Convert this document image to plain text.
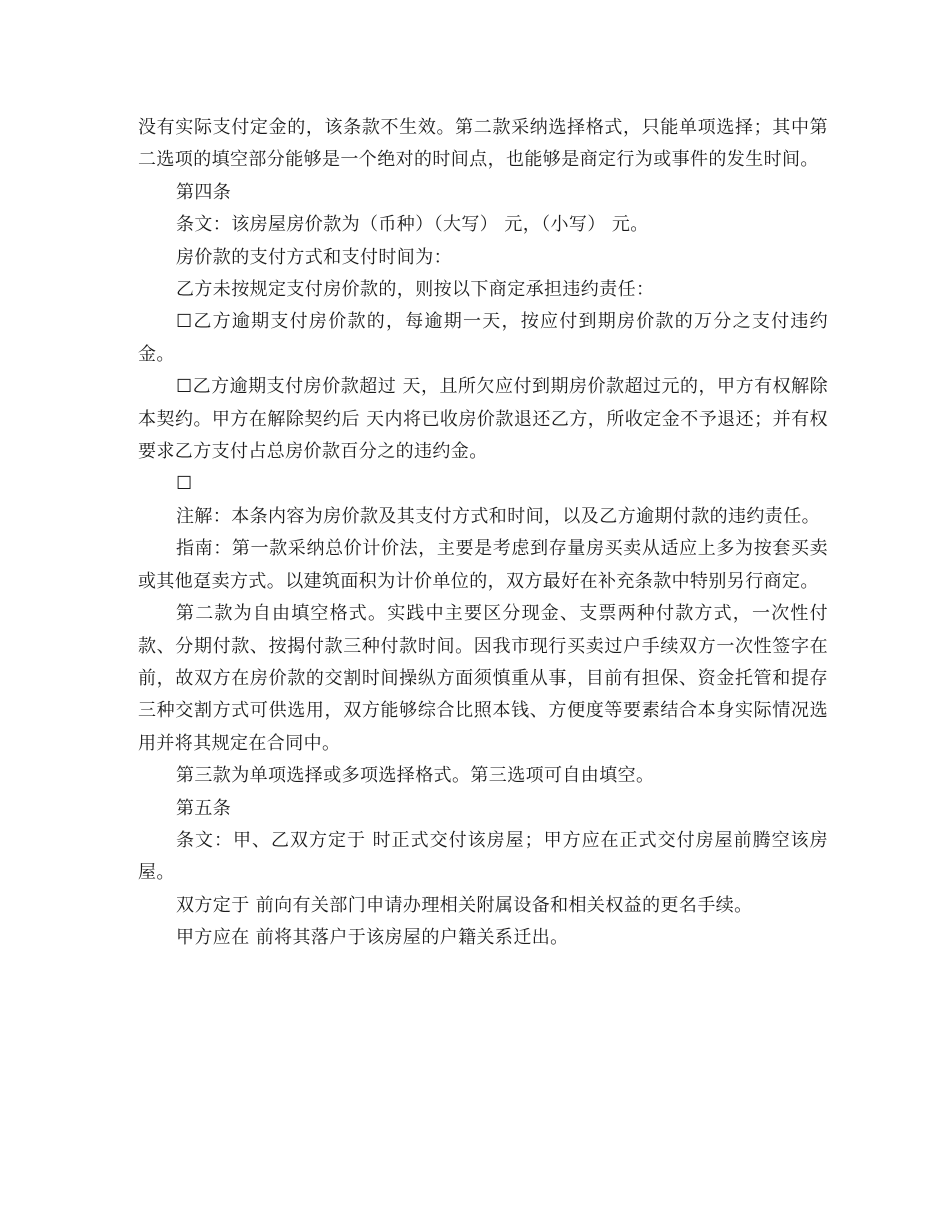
没有实际支付定金的，该条款不生效。第二款采纳选择格式，只能单项选择；其中第二选项的填空部分能够是一个绝对的时间点，也能够是商定行为或事件的发生时间。

第四条

条文：该房屋房价款为（币种）（大写） 元，（小写） 元。

房价款的支付方式和支付时间为：

乙方未按规定支付房价款的，则按以下商定承担违约责任：

☐乙方逾期支付房价款的，每逾期一天，按应付到期房价款的万分之支付违约金。

☐乙方逾期支付房价款超过 天，且所欠应付到期房价款超过元的，甲方有权解除本契约。甲方在解除契约后 天内将已收房价款退还乙方，所收定金不予退还；并有权要求乙方支付占总房价款百分之的违约金。

☐

注解：本条内容为房价款及其支付方式和时间，以及乙方逾期付款的违约责任。

指南：第一款采纳总价计价法，主要是考虑到存量房买卖从适应上多为按套买卖或其他趸卖方式。以建筑面积为计价单位的，双方最好在补充条款中特别另行商定。

第二款为自由填空格式。实践中主要区分现金、支票两种付款方式，一次性付款、分期付款、按揭付款三种付款时间。因我市现行买卖过户手续双方一次性签字在前，故双方在房价款的交割时间操纵方面须慎重从事，目前有担保、资金托管和提存三种交割方式可供选用，双方能够综合比照本钱、方便度等要素结合本身实际情况选用并将其规定在合同中。

第三款为单项选择或多项选择格式。第三选项可自由填空。

第五条

条文：甲、乙双方定于 时正式交付该房屋；甲方应在正式交付房屋前腾空该房屋。

双方定于 前向有关部门申请办理相关附属设备和相关权益的更名手续。

甲方应在 前将其落户于该房屋的户籍关系迁出。
